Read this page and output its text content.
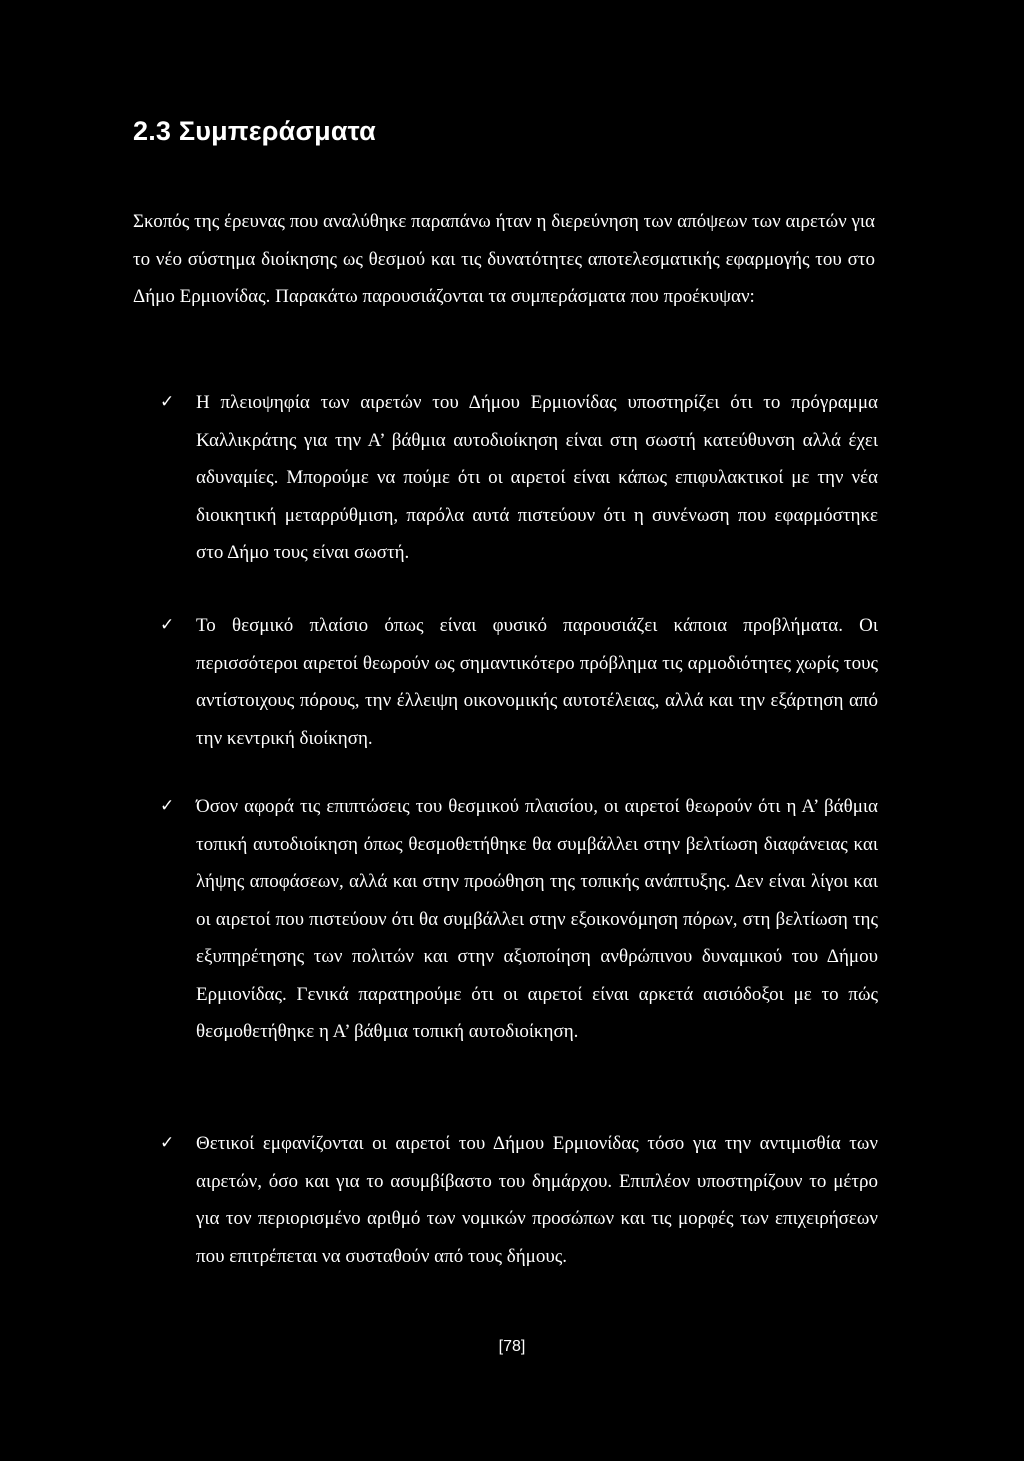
2.3 Συμπεράσματα

Σκοπός της έρευνας που αναλύθηκε παραπάνω ήταν η διερεύνηση των απόψεων των αιρετών για το νέο σύστημα διοίκησης ως θεσμού και τις δυνατότητες αποτελεσματικής εφαρμογής του στο Δήμο Ερμιονίδας. Παρακάτω παρουσιάζονται τα συμπεράσματα που προέκυψαν:

✓	Η πλειοψηφία των αιρετών του Δήμου Ερμιονίδας υποστηρίζει ότι το πρόγραμμα Καλλικράτης για την Α’ βάθμια αυτοδιοίκηση είναι στη σωστή κατεύθυνση αλλά έχει αδυναμίες. Μπορούμε να πούμε ότι οι αιρετοί είναι κάπως επιφυλακτικοί με την νέα διοικητική μεταρρύθμιση, παρόλα αυτά πιστεύουν ότι η συνένωση που εφαρμόστηκε στο Δήμο τους είναι σωστή.

✓	Το θεσμικό πλαίσιο όπως είναι φυσικό παρουσιάζει κάποια προβλήματα. Οι περισσότεροι αιρετοί θεωρούν ως σημαντικότερο πρόβλημα τις αρμοδιότητες χωρίς τους αντίστοιχους πόρους, την έλλειψη οικονομικής αυτοτέλειας, αλλά και την εξάρτηση από την κεντρική διοίκηση.

✓	Όσον αφορά τις επιπτώσεις του θεσμικού πλαισίου, οι αιρετοί θεωρούν ότι η Α’ βάθμια τοπική αυτοδιοίκηση όπως θεσμοθετήθηκε θα συμβάλλει στην βελτίωση διαφάνειας και λήψης αποφάσεων, αλλά και στην προώθηση της τοπικής ανάπτυξης. Δεν είναι λίγοι και οι αιρετοί που πιστεύουν ότι θα συμβάλλει στην εξοικονόμηση πόρων, στη βελτίωση της εξυπηρέτησης των πολιτών και στην αξιοποίηση ανθρώπινου δυναμικού του Δήμου Ερμιονίδας. Γενικά παρατηρούμε ότι οι αιρετοί είναι αρκετά αισιόδοξοι με το πώς θεσμοθετήθηκε η Α’ βάθμια τοπική αυτοδιοίκηση.

✓	Θετικοί εμφανίζονται οι αιρετοί του Δήμου Ερμιονίδας τόσο για την αντιμισθία των αιρετών, όσο και για το ασυμβίβαστο του δημάρχου. Επιπλέον υποστηρίζουν το μέτρο για τον περιορισμένο αριθμό των νομικών προσώπων και τις μορφές των επιχειρήσεων που επιτρέπεται να συσταθούν από τους δήμους.

[78]
